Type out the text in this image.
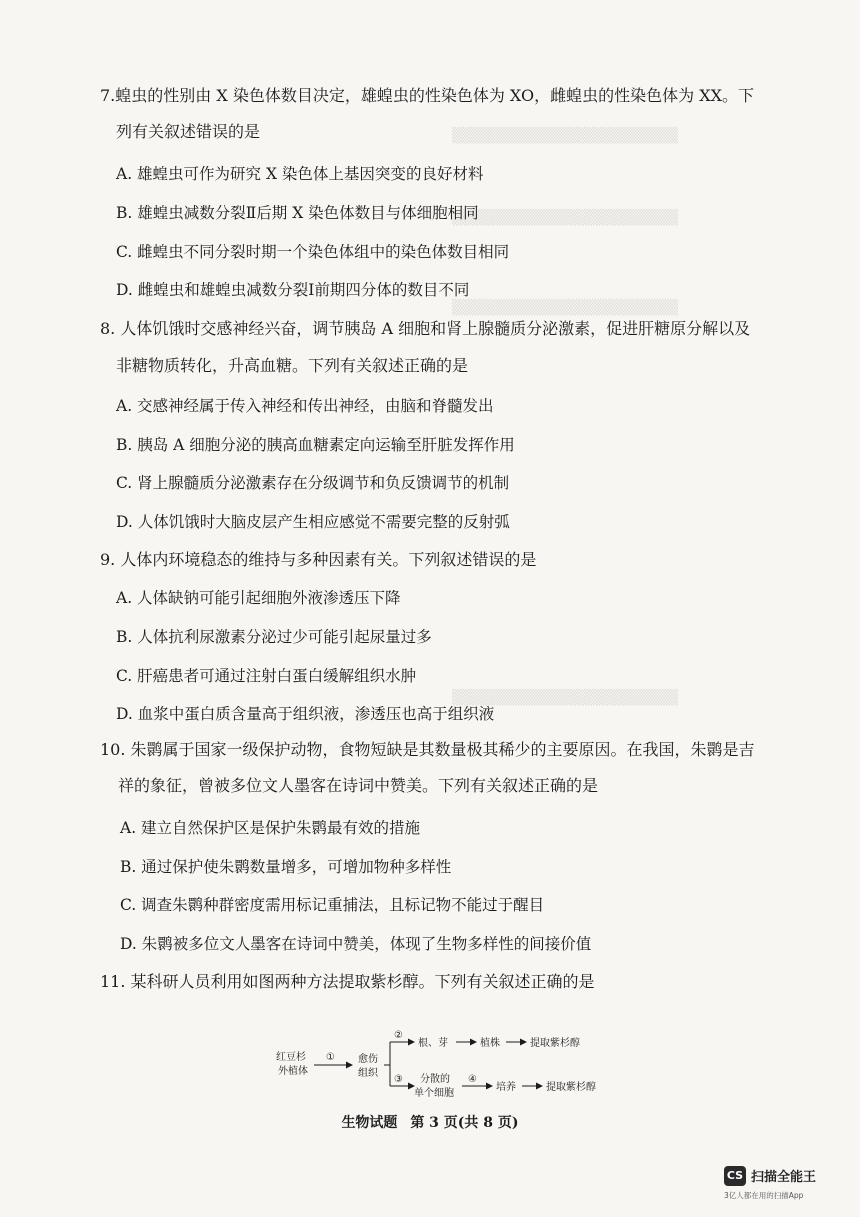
▒▒▒▒▒▒▒▒▒▒▒▒▒▒▒▒▒▒▒▒▒
▒▒▒▒▒▒▒▒▒▒▒▒▒▒▒▒▒▒▒▒▒
▒▒▒▒▒▒▒▒▒▒▒▒▒▒▒▒▒▒▒▒▒
▒▒▒▒▒▒▒▒▒▒▒▒▒▒▒▒▒▒▒▒▒
7.蝗虫的性别由 X 染色体数目决定，雄蝗虫的性染色体为 XO，雌蝗虫的性染色体为 XX。下
列有关叙述错误的是
A. 雄蝗虫可作为研究 X 染色体上基因突变的良好材料
B. 雄蝗虫减数分裂Ⅱ后期 X 染色体数目与体细胞相同
C. 雌蝗虫不同分裂时期一个染色体组中的染色体数目相同
D. 雌蝗虫和雄蝗虫减数分裂Ⅰ前期四分体的数目不同
8. 人体饥饿时交感神经兴奋，调节胰岛 A 细胞和肾上腺髓质分泌激素，促进肝糖原分解以及
非糖物质转化，升高血糖。下列有关叙述正确的是
A. 交感神经属于传入神经和传出神经，由脑和脊髓发出
B. 胰岛 A 细胞分泌的胰高血糖素定向运输至肝脏发挥作用
C. 肾上腺髓质分泌激素存在分级调节和负反馈调节的机制
D. 人体饥饿时大脑皮层产生相应感觉不需要完整的反射弧
9. 人体内环境稳态的维持与多种因素有关。下列叙述错误的是
A. 人体缺钠可能引起细胞外液渗透压下降
B. 人体抗利尿激素分泌过少可能引起尿量过多
C. 肝癌患者可通过注射白蛋白缓解组织水肿
D. 血浆中蛋白质含量高于组织液，渗透压也高于组织液
10. 朱鹮属于国家一级保护动物，食物短缺是其数量极其稀少的主要原因。在我国，朱鹮是吉
祥的象征，曾被多位文人墨客在诗词中赞美。下列有关叙述正确的是
A. 建立自然保护区是保护朱鹮最有效的措施
B. 通过保护使朱鹮数量增多，可增加物种多样性
C. 调查朱鹮种群密度需用标记重捕法，且标记物不能过于醒目
D. 朱鹮被多位文人墨客在诗词中赞美，体现了生物多样性的间接价值
11. 某科研人员利用如图两种方法提取紫杉醇。下列有关叙述正确的是
红豆杉
外植体
① 愈伤
组织
②
根、芽	植株	提取紫杉醇
③ 分散的
单个细胞
④
培养	提取紫杉醇
生物试题 第 3 页(共 8 页)
CS 扫描全能王
3亿人都在用的扫描App
